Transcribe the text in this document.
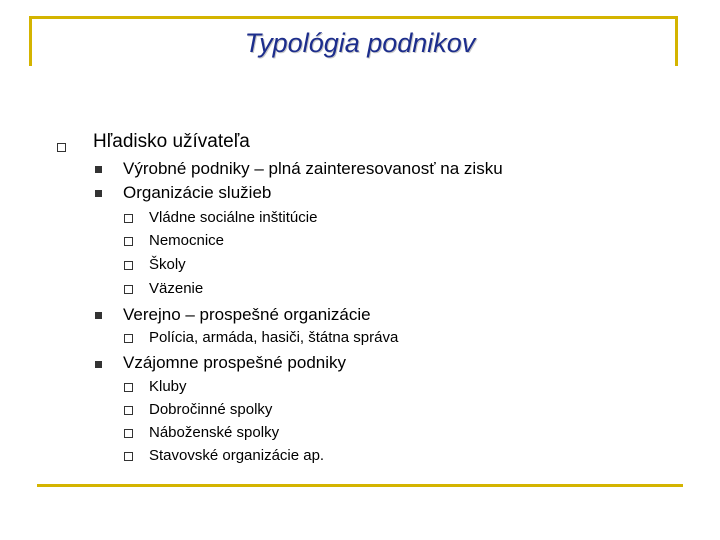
Typológia podnikov
Hľadisko užívateľa
Výrobné podniky – plná zainteresovanosť na zisku
Organizácie služieb
Vládne sociálne inštitúcie
Nemocnice
Školy
Väzenie
Verejno – prospešné organizácie
Polícia, armáda, hasiči, štátna správa
Vzájomne prospešné podniky
Kluby
Dobročinné spolky
Náboženské spolky
Stavovské organizácie ap.
